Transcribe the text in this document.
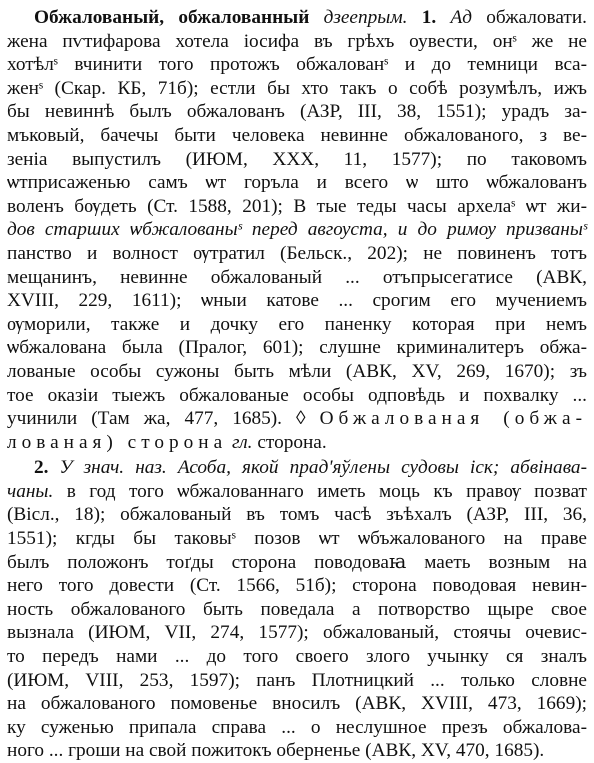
Обжалованый, обжалованный дзеепрым. 1. Ад обжаловати.
жена пѵтифарова хотела іосифа въ грѣхъ оувести, онˢ же не
хотѣлˢ вчинити того протожъ обжалованˢ и до темници всa-
женˢ (Скар. КБ, 71б); естли бы хто такъ о собѣ розумѣлъ, ижъ
бы невиннѣ былъ обжалованъ (АЗР, III, 38, 1551); урадъ за-
мъковый, бачечы быти человека невинне обжалованого, з ве-
зеніа выпустилъ (ИЮМ, XXX, 11, 1577); по таковомъ
ѡтприсаженью самъ ѡт горъла и всего ѡ што ѡбжалованъ
воленъ бѹдеть (Ст. 1588, 201); В тые теды часы архелаˢ ѡт жи-
дов старших ѡбжалованыˢ перед авгѹста, и до римѹ призваныˢ
панство и волност ѹтратил (Бельск., 202); не повиненъ тотъ
мещанинъ, невинне обжалованый ... отъпрысегатисе (АВК,
XVIII, 229, 1611); ѡныи катове ... срогим его мучениемъ
ѹморили, также и дочку его паненку которая при немъ
ѡбжалована была (Пралог, 601); слушне криминалитеръ обжа-
лованые особы сужоны быть мѣли (АВК, XV, 269, 1670); зъ
тое оказіи тыежъ обжалованые особы одповѣдь и похвалку ...
учинили (Там жа, 477, 1685). ◊ Обжалованая (обжа-
лованая) сторона гл. сторона.
2. У знач. наз. Асоба, якой прад'яўлены судовы іск; абвінава-
чаны. в год того ѡбжалованнаго иметь моць къ правѹ позват
(Вісл., 18); обжалованый въ томъ часѣ зъѣхалъ (АЗР, III, 36,
1551); кгды бы таковыˢ позов ѡт ѡбъжалованого на праве
былъ положонъ тоґды сторона поводоваꙗ маеть возным на
него того довести (Ст. 1566, 51б); сторона поводовая невин-
ность обжалованого быть поведала а потворство щыре свое
вызнала (ИЮМ, VII, 274, 1577); обжалованый, стоячы очевис-
то передъ нами ... до того своего злого учынку ся зналъ
(ИЮМ, VIII, 253, 1597); панъ Плотницкий ... только словне
на обжалованого помовенье вносилъ (АВК, XVIII, 473, 1669);
ку суженью припала справа ... о неслушное презъ обжалова-
ного ... гроши на свой пожитокъ оберненье (АВК, XV, 470, 1685).
